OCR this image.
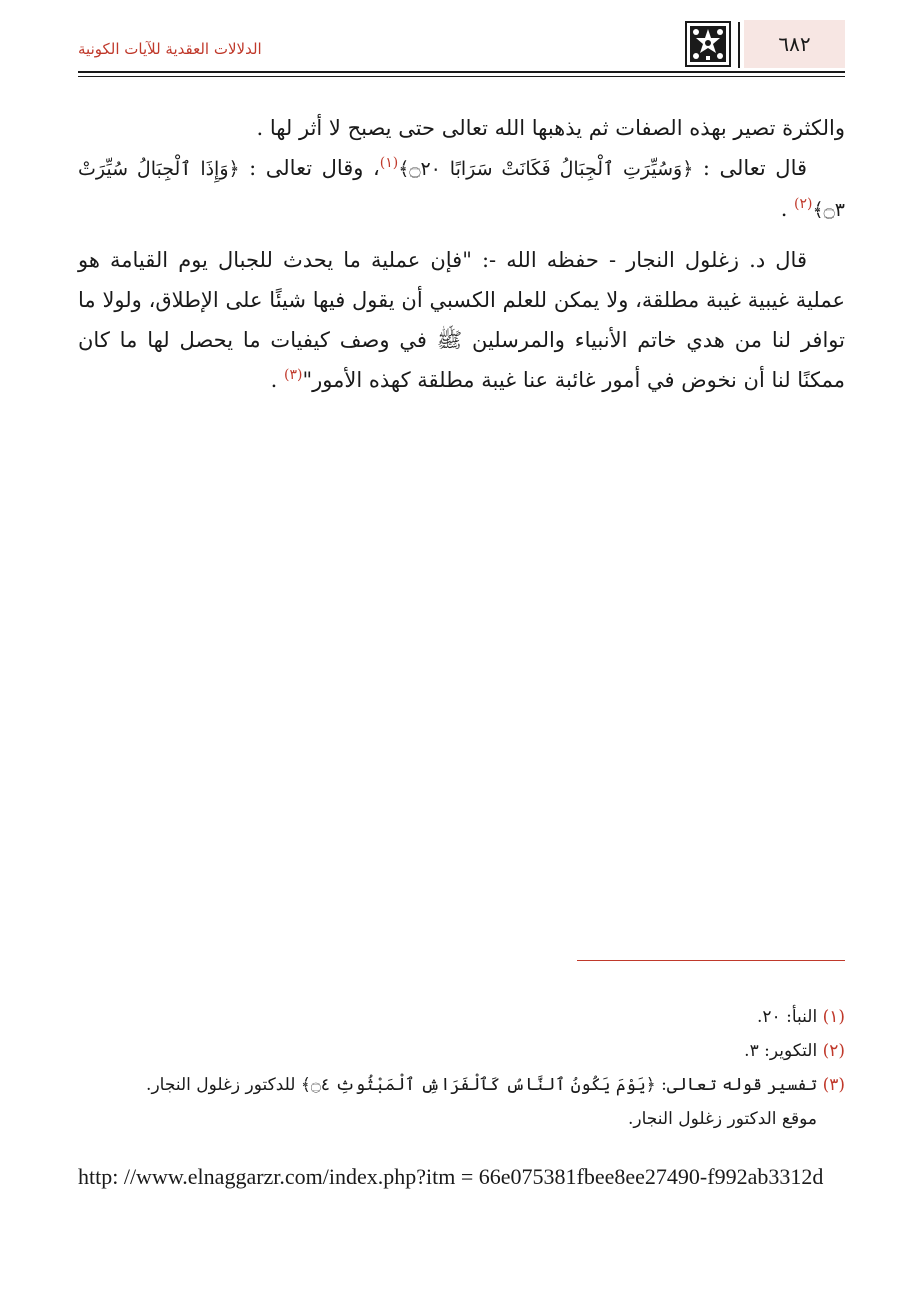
الدلالات العقدية للآيات الكونية	٦٨٢

والكثرة تصير بهذه الصفات ثم يذهبها الله تعالى حتى يصبح لا أثر لها .

قال تعالى : ﴿وَسُيِّرَتِ ٱلْجِبَالُ فَكَانَتْ سَرَابًا ۝٢٠﴾$^{(١)}$، وقال تعالى : ﴿وَإِذَا ٱلْجِبَالُ سُيِّرَتْ ۝٣﴾$^{(٢)}$ .

قال د. زغلول النجار - حفظه الله -: "فإن عملية ما يحدث للجبال يوم القيامة هو عملية غيبية غيبة مطلقة، ولا يمكن للعلم الكسبي أن يقول فيها شيئًا على الإطلاق، ولولا ما توافر لنا من هدي خاتم الأنبياء والمرسلين ﷺ في وصف كيفيات ما يحصل لها ما كان ممكنًا لنا أن نخوض في أمور غائبة عنا غيبة مطلقة كهذه الأمور"$^{(٣)}$ .

(١) النبأ: ٢٠.

(٢) التكوير: ٣.

(٣) تفسير قوله تعالى: ﴿يَوْمَ يَكُونُ ٱلنَّاسُ كَٱلْفَرَاشِ ٱلْمَبْثُوثِ ۝٤﴾ للدكتور زغلول النجار.

موقع الدكتور زغلول النجار.

http: //www.elnaggarzr.com/index.php?itm = 66e075381fbee8ee27490-f992ab3312d
